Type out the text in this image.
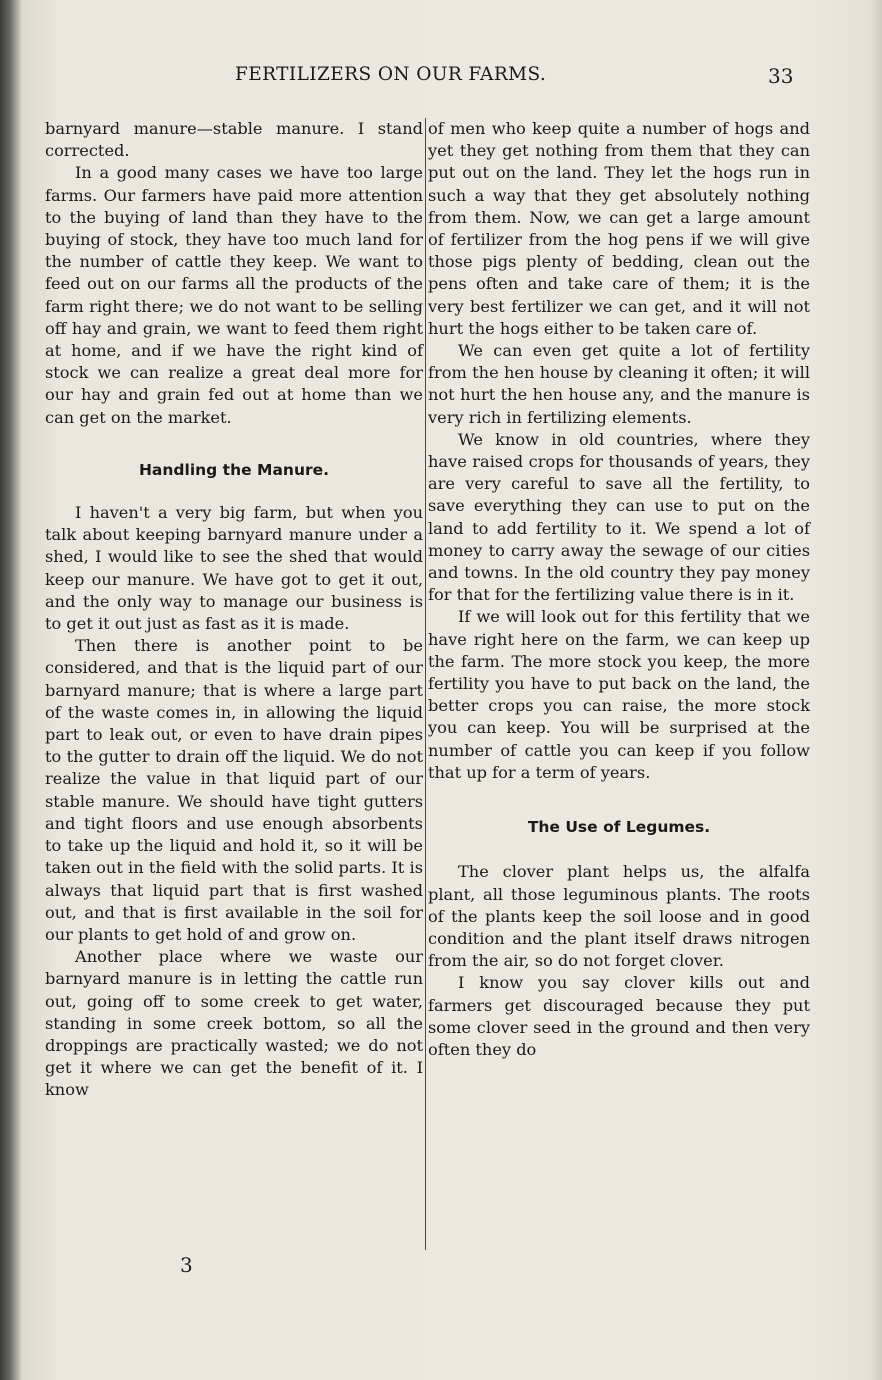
FERTILIZERS ON OUR FARMS.	33

barnyard manure—stable manure. I stand corrected.

In a good many cases we have too large farms. Our farmers have paid more attention to the buying of land than they have to the buying of stock, they have too much land for the number of cattle they keep. We want to feed out on our farms all the products of the farm right there; we do not want to be selling off hay and grain, we want to feed them right at home, and if we have the right kind of stock we can realize a great deal more for our hay and grain fed out at home than we can get on the market.

Handling the Manure.

I haven't a very big farm, but when you talk about keeping barnyard manure under a shed, I would like to see the shed that would keep our manure. We have got to get it out, and the only way to manage our business is to get it out just as fast as it is made.

Then there is another point to be considered, and that is the liquid part of our barnyard manure; that is where a large part of the waste comes in, in allowing the liquid part to leak out, or even to have drain pipes to the gutter to drain off the liquid. We do not realize the value in that liquid part of our stable manure. We should have tight gutters and tight floors and use enough absorbents to take up the liquid and hold it, so it will be taken out in the field with the solid parts. It is always that liquid part that is first washed out, and that is first available in the soil for our plants to get hold of and grow on.

Another place where we waste our barnyard manure is in letting the cattle run out, going off to some creek to get water, standing in some creek bottom, so all the droppings are practically wasted; we do not get it where we can get the benefit of it. I know

of men who keep quite a number of hogs and yet they get nothing from them that they can put out on the land. They let the hogs run in such a way that they get absolutely nothing from them. Now, we can get a large amount of fertilizer from the hog pens if we will give those pigs plenty of bedding, clean out the pens often and take care of them; it is the very best fertilizer we can get, and it will not hurt the hogs either to be taken care of.

We can even get quite a lot of fertility from the hen house by cleaning it often; it will not hurt the hen house any, and the manure is very rich in fertilizing elements.

We know in old countries, where they have raised crops for thousands of years, they are very careful to save all the fertility, to save everything they can use to put on the land to add fertility to it. We spend a lot of money to carry away the sewage of our cities and towns. In the old country they pay money for that for the fertilizing value there is in it.

If we will look out for this fertility that we have right here on the farm, we can keep up the farm. The more stock you keep, the more fertility you have to put back on the land, the better crops you can raise, the more stock you can keep. You will be surprised at the number of cattle you can keep if you follow that up for a term of years.

The Use of Legumes.

The clover plant helps us, the alfalfa plant, all those leguminous plants. The roots of the plants keep the soil loose and in good condition and the plant itself draws nitrogen from the air, so do not forget clover.

I know you say clover kills out and farmers get discouraged because they put some clover seed in the ground and then very often they do

3
